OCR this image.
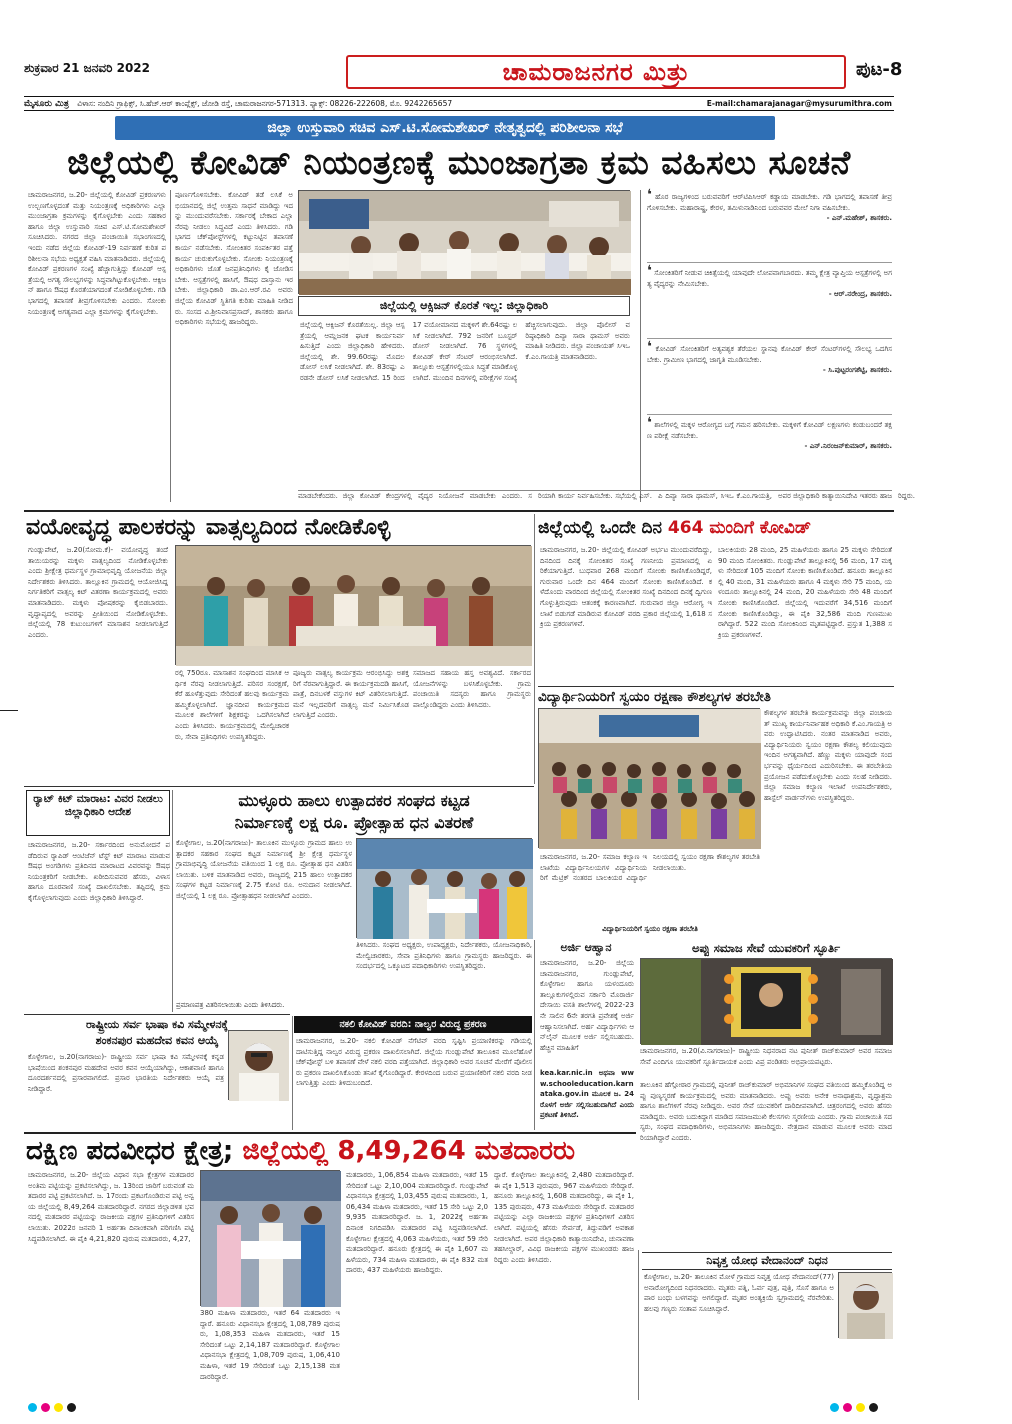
ಶುಕ್ರವಾರ 21 ಜನವರಿ 2022	ಚಾಮರಾಜನಗರ ಮಿತ್ರು	ಪುಟ-8
ಮೈಸೂರು ಮಿತ್ರ ವಿಳಾಸ: ನಂದಿನಿ ಗ್ರಾಫಿಕ್ಸ್, ಸಿ.ಹೆಚ್.ಆರ್ ಕಾಂಪ್ಲೆಕ್ಸ್, ಜೋಡಿ ರಸ್ತೆ, ಚಾಮರಾಜನಗರ-571313. ಫ್ಯಾಕ್ಸ್: 08226-222608, ಮೊ. 9242265657	E-mail:chamarajanagar@mysurumithra.com
ಜಿಲ್ಲಾ ಉಸ್ತುವಾರಿ ಸಚಿವ ಎಸ್.ಟಿ.ಸೋಮಶೇಖರ್ ನೇತೃತ್ವದಲ್ಲಿ ಪರಿಶೀಲನಾ ಸಭೆ
ಜಿಲ್ಲೆಯಲ್ಲಿ ಕೋವಿಡ್ ನಿಯಂತ್ರಣಕ್ಕೆ ಮುಂಜಾಗ್ರತಾ ಕ್ರಮ ವಹಿಸಲು ಸೂಚನೆ
ಚಾಮರಾಜನಗರ, ಜ.20- ಜಿಲ್ಲೆಯಲ್ಲಿ ಕೋವಿಡ್ ಪ್ರಕರಣಗಳು ಉಲ್ಬಣಗೊಳ್ಳದಂತೆ ಮತ್ತು ನಿಯಂತ್ರಣಕ್ಕೆ ಅಧಿಕಾರಿಗಳು ಎಲ್ಲಾ ಮುಂಜಾಗ್ರತಾ ಕ್ರಮಗಳನ್ನು ಕೈಗೊಳ್ಳಬೇಕು ಎಂದು ಸಹಕಾರ ಹಾಗೂ ಜಿಲ್ಲಾ ಉಸ್ತುವಾರಿ ಸಚಿವ ಎಸ್.ಟಿ.ಸೋಮಶೇಖರ್ ಸೂಚಿಸಿದರು. ನಗರದ ಜಿಲ್ಲಾ ಪಂಚಾಯಿತಿ ಸಭಾಂಗಣದಲ್ಲಿ ಇಂದು ನಡೆದ ಜಿಲ್ಲೆಯ ಕೋವಿಡ್-19 ನಿರ್ವಹಣೆ ಕುರಿತ ಪರಿಶೀಲನಾ ಸಭೆಯ ಅಧ್ಯಕ್ಷತೆ ವಹಿಸಿ ಮಾತನಾಡಿದರು. ಜಿಲ್ಲೆಯಲ್ಲಿ ಕೋವಿಡ್ ಪ್ರಕರಣಗಳ ಸಂಖ್ಯೆ ಹೆಚ್ಚಾಗುತ್ತಿದ್ದು ಕೋವಿಡ್ ಆಸ್ಪತ್ರೆಯಲ್ಲಿ ಅಗತ್ಯ ಸೌಲಭ್ಯಗಳನ್ನು ಸಿದ್ಧವಾಗಿಟ್ಟುಕೊಳ್ಳಬೇಕು. ಆಕ್ಸಿಜನ್ ಹಾಗೂ ಔಷಧ ಕೊರತೆಯಾಗದಂತೆ ನೋಡಿಕೊಳ್ಳಬೇಕು. ಗಡಿ ಭಾಗದಲ್ಲಿ ತಪಾಸಣೆ ತೀವ್ರಗೊಳಿಸಬೇಕು ಎಂದರು. ಸೋಂಕು ನಿಯಂತ್ರಣಕ್ಕೆ ಅಗತ್ಯವಾದ ಎಲ್ಲಾ ಕ್ರಮಗಳನ್ನು ಕೈಗೊಳ್ಳಬೇಕು.
ಪೂರ್ಣಗೊಳಿಸಬೇಕು. ಕೋವಿಡ್ ತಡೆ ಲಸಿಕೆ ಅಭಿಯಾನದಲ್ಲಿ ಜಿಲ್ಲೆ ಉತ್ತಮ ಸಾಧನೆ ಮಾಡಿದ್ದು ಇದನ್ನು ಮುಂದುವರೆಸಬೇಕು. ಸರ್ಕಾರಕ್ಕೆ ಬೇಕಾದ ಎಲ್ಲಾ ನೆರವು ನೀಡಲು ಸಿದ್ಧವಿದೆ ಎಂದು ತಿಳಿಸಿದರು. ಗಡಿ ಭಾಗದ ಚೆಕ್‌ಪೋಸ್ಟ್‌ಗಳಲ್ಲಿ ಕಟ್ಟುನಿಟ್ಟಿನ ತಪಾಸಣೆ ಕಾರ್ಯ ನಡೆಸಬೇಕು. ಸೋಂಕಿತರ ಸಂಪರ್ಕಿತರ ಪತ್ತೆ ಕಾರ್ಯ ಚುರುಕುಗೊಳ್ಳಬೇಕು. ಸೋಂಕು ನಿಯಂತ್ರಣಕ್ಕೆ ಅಧಿಕಾರಿಗಳು ಜೊತೆ ಜನಪ್ರತಿನಿಧಿಗಳು ಕೈ ಜೋಡಿಸಬೇಕು. ಆಸ್ಪತ್ರೆಗಳಲ್ಲಿ ಹಾಸಿಗೆ, ಔಷಧ ದಾಸ್ತಾನು ಇರಬೇಕು. ಜಿಲ್ಲಾಧಿಕಾರಿ ಡಾ.ಎಂ.ಆರ್.ರವಿ ಅವರು ಜಿಲ್ಲೆಯ ಕೋವಿಡ್ ಸ್ಥಿತಿಗತಿ ಕುರಿತು ಮಾಹಿತಿ ನೀಡಿದರು. ಸಂಸದ ವಿ.ಶ್ರೀನಿವಾಸಪ್ರಸಾದ್, ಶಾಸಕರು ಹಾಗೂ ಅಧಿಕಾರಿಗಳು ಸಭೆಯಲ್ಲಿ ಹಾಜರಿದ್ದರು.
ಜಿಲ್ಲೆಯಲ್ಲಿ ಆಕ್ಸಿಜನ್ ಕೊರತೆ ಇಲ್ಲ: ಜಿಲ್ಲಾಧಿಕಾರಿ
ಜಿಲ್ಲೆಯಲ್ಲಿ ಆಕ್ಸಿಜನ್ ಕೊರತೆಯಿಲ್ಲ. ಜಿಲ್ಲಾ ಆಸ್ಪತ್ರೆಯಲ್ಲಿ ಆಮ್ಲಜನಕ ಘಟಕ ಕಾರ್ಯನಿರ್ವಹಿಸುತ್ತಿದೆ ಎಂದು ಜಿಲ್ಲಾಧಿಕಾರಿ ಹೇಳಿದರು. ಜಿಲ್ಲೆಯಲ್ಲಿ ಶೇ. 99.60ರಷ್ಟು ಮೊದಲ ಡೋಸ್ ಲಸಿಕೆ ನೀಡಲಾಗಿದೆ. ಶೇ. 83ರಷ್ಟು ಎರಡನೇ ಡೋಸ್ ಲಸಿಕೆ ನೀಡಲಾಗಿದೆ. 15 ರಿಂದ 17 ವಯೋಮಾನದ ಮಕ್ಕಳಿಗೆ ಶೇ.64ರಷ್ಟು ಲಸಿಕೆ ನೀಡಲಾಗಿದೆ. 792 ಜನರಿಗೆ ಬೂಸ್ಟರ್ ಡೋಸ್ ನೀಡಲಾಗಿದೆ. 76 ಸ್ಥಳಗಳಲ್ಲಿ ಕೋವಿಡ್ ಕೇರ್ ಸೆಂಟರ್ ಆರಂಭಿಸಲಾಗಿದೆ. ತಾಲ್ಲೂಕು ಆಸ್ಪತ್ರೆಗಳಲ್ಲಿಯೂ ಸಿದ್ಧತೆ ಮಾಡಿಕೊಳ್ಳಲಾಗಿದೆ. ಮುಂದಿನ ದಿನಗಳಲ್ಲಿ ಪರೀಕ್ಷೆಗಳ ಸಂಖ್ಯೆ ಹೆಚ್ಚಿಸಲಾಗುವುದು. ಜಿಲ್ಲಾ ಪೊಲೀಸ್ ವರಿಷ್ಠಾಧಿಕಾರಿ ದಿವ್ಯಾ ಸಾರಾ ಥಾಮಸ್ ಅವರು ಮಾಹಿತಿ ನೀಡಿದರು. ಜಿಲ್ಲಾ ಪಂಚಾಯತ್ ಸಿಇಒ ಕೆ.ಎಂ.ಗಾಯತ್ರಿ ಮಾತನಾಡಿದರು.
❛ ಹೊರ ರಾಜ್ಯಗಳಿಂದ ಬರುವವರಿಗೆ ಆರ್‌ಟಿಪಿಸಿಆರ್ ಕಡ್ಡಾಯ ಮಾಡಬೇಕು. ಗಡಿ ಭಾಗದಲ್ಲಿ ತಪಾಸಣೆ ತೀವ್ರಗೊಳಿಸಬೇಕು. ಮಹಾರಾಷ್ಟ್ರ, ಕೇರಳ, ತಮಿಳುನಾಡಿನಿಂದ ಬರುವವರ ಮೇಲೆ ನಿಗಾ ವಹಿಸಬೇಕು.
- ಎನ್.ಮಹೇಶ್, ಶಾಸಕರು.
❛ ಸೋಂಕಿತರಿಗೆ ನೀಡುವ ಚಿಕಿತ್ಸೆಯಲ್ಲಿ ಯಾವುದೇ ಲೋಪವಾಗಬಾರದು. ತಮ್ಮ ಕ್ಷೇತ್ರ ವ್ಯಾಪ್ತಿಯ ಆಸ್ಪತ್ರೆಗಳಲ್ಲಿ ಅಗತ್ಯ ವೈದ್ಯರನ್ನು ನೇಮಿಸಬೇಕು.
- ಆರ್.ನರೇಂದ್ರ, ಶಾಸಕರು.
❛ ಕೋವಿಡ್ ಸೋಂಕಿತರಿಗೆ ಅತ್ಯವಶ್ಯಕ ತೆರೆಯಲ ಸ್ಥಾನವು ಕೋವಿಡ್ ಕೇರ್ ಸೆಂಟರ್‌ಗಳಲ್ಲಿ ಸೌಲಭ್ಯ ಒದಗಿಸಬೇಕು. ಗ್ರಾಮೀಣ ಭಾಗದಲ್ಲಿ ಜಾಗೃತಿ ಮೂಡಿಸಬೇಕು.
- ಸಿ.ಪುಟ್ಟರಂಗಶೆಟ್ಟಿ, ಶಾಸಕರು.
❛ ಶಾಲೆಗಳಲ್ಲಿ ಮಕ್ಕಳ ಆರೋಗ್ಯದ ಬಗ್ಗೆ ಗಮನ ಹರಿಸಬೇಕು. ಮಕ್ಕಳಿಗೆ ಕೋವಿಡ್ ಲಕ್ಷಣಗಳು ಕಂಡುಬಂದರೆ ತಕ್ಷಣ ಪರೀಕ್ಷೆ ನಡೆಸಬೇಕು.
- ಎನ್.ನಿರಂಜನ್‌ಕುಮಾರ್, ಶಾಸಕರು.
ಮಾಡಬೇಕೆಂದರು. ಜಿಲ್ಲಾ ಕೋವಿಡ್ ಕೇಂದ್ರಗಳಲ್ಲಿ ವೈದ್ಯರ ನಿಯೋಜನೆ ಮಾಡಬೇಕು ಎಂದರು. ಸರಿಯಾಗಿ ಕಾರ್ಯ ನಿರ್ವಹಿಸಬೇಕು. ಸಭೆಯಲ್ಲಿ ಎಸ್.ಪಿ ದಿವ್ಯಾ ಸಾರಾ ಥಾಮಸ್, ಸಿಇಒ ಕೆ.ಎಂ.ಗಾಯತ್ರಿ, ಅಪರ ಜಿಲ್ಲಾಧಿಕಾರಿ ಕಾತ್ಯಾಯಿನಿದೇವಿ ಇತರರು ಹಾಜರಿದ್ದರು.
ವಯೋವೃದ್ಧ ಪಾಲಕರನ್ನು ವಾತ್ಸಲ್ಯದಿಂದ ನೋಡಿಕೊಳ್ಳಿ
ಗುಂಡ್ಲುಪೇಟೆ, ಜ.20(ಸೋಮ.ಕೆ)- ವಯೋವೃದ್ಧ ತಂದೆ ತಾಯಿಯರನ್ನು ಮಕ್ಕಳು ವಾತ್ಸಲ್ಯದಿಂದ ನೋಡಿಕೊಳ್ಳಬೇಕು ಎಂದು ಶ್ರೀಕ್ಷೇತ್ರ ಧರ್ಮಸ್ಥಳ ಗ್ರಾಮಾಭಿವೃದ್ಧಿ ಯೋಜನೆಯ ಜಿಲ್ಲಾ ನಿರ್ದೇಶಕರು ತಿಳಿಸಿದರು. ತಾಲ್ಲೂಕಿನ ಗ್ರಾಮದಲ್ಲಿ ಆಯೋಜಿಸಿದ್ದ ನಿರ್ಗತಿಕರಿಗೆ ವಾತ್ಸಲ್ಯ ಕಿಟ್ ವಿತರಣಾ ಕಾರ್ಯಕ್ರಮದಲ್ಲಿ ಅವರು ಮಾತನಾಡಿದರು. ಮಕ್ಕಳು ಪೋಷಕರನ್ನು ಕೈಬಿಡಬಾರದು. ವೃದ್ಧಾಪ್ಯದಲ್ಲಿ ಅವರನ್ನು ಪ್ರೀತಿಯಿಂದ ನೋಡಿಕೊಳ್ಳಬೇಕು. ಜಿಲ್ಲೆಯಲ್ಲಿ 78 ಕುಟುಂಬಗಳಿಗೆ ಮಾಸಾಶನ ನೀಡಲಾಗುತ್ತಿದೆ ಎಂದರು.
ರಲ್ಲಿ 750ರೂ. ಮಾಸಾಶನ ಸಂಘದಿಂದ ಮಾಸಿಕ ಆರ್ಥಿಕ ನೆರವು ನೀಡಲಾಗುತ್ತಿದೆ. ಪರಿಸರ ಸಂರಕ್ಷಣೆ, ಕೆರೆ ಹೂಳೆತ್ತುವುದು ಸೇರಿದಂತೆ ಹಲವು ಕಾರ್ಯಕ್ರಮ ಹಮ್ಮಿಕೊಳ್ಳಲಾಗಿದೆ. ಜ್ಞಾನದೀಪ ಕಾರ್ಯಕ್ರಮದ ಮೂಲಕ ಶಾಲೆಗಳಿಗೆ ಶಿಕ್ಷಕರನ್ನು ಒದಗಿಸಲಾಗಿದೆ ಎಂದು ತಿಳಿಸಿದರು. ಕಾರ್ಯಕ್ರಮದಲ್ಲಿ ಮೇಲ್ವಿಚಾರಕರು, ಸೇವಾ ಪ್ರತಿನಿಧಿಗಳು ಉಪಸ್ಥಿತರಿದ್ದರು.
ಪೂಜ್ಯರು ವಾತ್ಸಲ್ಯ ಕಾರ್ಯಕ್ರಮ ಆರಂಭಿಸಿದ್ದು ಅಶಕ್ತರಿಗೆ ನೆರವಾಗುತ್ತಿದ್ದಾರೆ. ಈ ಕಾರ್ಯಕ್ರಮದಡಿ ಹಾಸಿಗೆ, ಪಾತ್ರೆ, ದಿನಬಳಕೆ ವಸ್ತುಗಳ ಕಿಟ್ ವಿತರಿಸಲಾಗುತ್ತಿದೆ. ಮನೆ ಇಲ್ಲದವರಿಗೆ ವಾತ್ಸಲ್ಯ ಮನೆ ನಿರ್ಮಿಸಿಕೊಡಲಾಗುತ್ತಿದೆ ಎಂದರು.
ಸಮಾಜದ ಸಹಾಯ ಹಸ್ತ ಅವಶ್ಯವಿದೆ. ಸರ್ಕಾರದ ಯೋಜನೆಗಳನ್ನು ಬಳಸಿಕೊಳ್ಳಬೇಕು. ಗ್ರಾಮ ಪಂಚಾಯಿತಿ ಸದಸ್ಯರು ಹಾಗೂ ಗ್ರಾಮಸ್ಥರು ಪಾಲ್ಗೊಂಡಿದ್ದರು ಎಂದು ತಿಳಿಸಿದರು.
ಜಿಲ್ಲೆಯಲ್ಲಿ ಒಂದೇ ದಿನ 464 ಮಂದಿಗೆ ಕೋವಿಡ್
ಚಾಮರಾಜನಗರ, ಜ.20- ಜಿಲ್ಲೆಯಲ್ಲಿ ಕೋವಿಡ್ ಅರ್ಭಟ ಮುಂದುವರೆದಿದ್ದು, ದಿನದಿಂದ ದಿನಕ್ಕೆ ಸೋಂಕಿತರ ಸಂಖ್ಯೆ ಗಣನೀಯ ಪ್ರಮಾಣದಲ್ಲಿ ಏರಿಕೆಯಾಗುತ್ತಿದೆ. ಬುಧವಾರ 268 ಮಂದಿಗೆ ಸೋಂಕು ಕಾಣಿಸಿಕೊಂಡಿದ್ದರೆ, ಗುರುವಾರ ಒಂದೇ ದಿನ 464 ಮಂದಿಗೆ ಸೋಂಕು ಕಾಣಿಸಿಕೊಂಡಿದೆ. ಕಳೆದೊಂದು ವಾರದಿಂದ ಜಿಲ್ಲೆಯಲ್ಲಿ ಸೋಂಕಿತರ ಸಂಖ್ಯೆ ದಿನದಿಂದ ದಿನಕ್ಕೆ ದ್ವಿಗುಣಗೊಳ್ಳುತ್ತಿರುವುದು ಆತಂಕಕ್ಕೆ ಕಾರಣವಾಗಿದೆ. ಗುರುವಾರ ಜಿಲ್ಲಾ ಆರೋಗ್ಯ ಇಲಾಖೆ ಬಿಡುಗಡೆ ಮಾಡಿರುವ ಕೋವಿಡ್ ವರದಿ ಪ್ರಕಾರ ಜಿಲ್ಲೆಯಲ್ಲಿ 1,618 ಸಕ್ರಿಯ ಪ್ರಕರಣಗಳಿವೆ.
ಬಾಲಕಿಯರು 28 ಮಂದಿ, 25 ಮಹಿಳೆಯರು ಹಾಗೂ 25 ಮಕ್ಕಳು ಸೇರಿದಂತೆ 90 ಮಂದಿ ಸೋಂಕಿತರು. ಗುಂಡ್ಲುಪೇಟೆ ತಾಲ್ಲೂಕಿನಲ್ಲಿ 56 ಮಂದಿ, 17 ಮಕ್ಕಳು ಸೇರಿದಂತೆ 105 ಮಂದಿಗೆ ಸೋಂಕು ಕಾಣಿಸಿಕೊಂಡಿದೆ. ಹನೂರು ತಾಲ್ಲೂಕಿನಲ್ಲಿ 40 ಮಂದಿ, 31 ಮಹಿಳೆಯರು ಹಾಗೂ 4 ಮಕ್ಕಳು ಸೇರಿ 75 ಮಂದಿ, ಯಳಂದೂರು ತಾಲ್ಲೂಕಿನಲ್ಲಿ 24 ಮಂದಿ, 20 ಮಹಿಳೆಯರು ಸೇರಿ 48 ಮಂದಿಗೆ ಸೋಂಕು ಕಾಣಿಸಿಕೊಂಡಿದೆ. ಜಿಲ್ಲೆಯಲ್ಲಿ ಇದುವರೆಗೆ 34,516 ಮಂದಿಗೆ ಸೋಂಕು ಕಾಣಿಸಿಕೊಂಡಿದ್ದು, ಈ ಪೈಕಿ 32,586 ಮಂದಿ ಗುಣಮುಖರಾಗಿದ್ದಾರೆ. 522 ಮಂದಿ ಸೋಂಕಿನಿಂದ ಮೃತಪಟ್ಟಿದ್ದಾರೆ. ಪ್ರಸ್ತುತ 1,388 ಸಕ್ರಿಯ ಪ್ರಕರಣಗಳಿವೆ.
ವಿದ್ಯಾರ್ಥಿನಿಯರಿಗೆ ಸ್ವಯಂ ರಕ್ಷಣಾ ಕೌಶಲ್ಯಗಳ ತರಬೇತಿ
ಕೌಶಲ್ಯಗಳ ತರಬೇತಿ ಕಾರ್ಯಕ್ರಮವನ್ನು ಜಿಲ್ಲಾ ಪಂಚಾಯತ್ ಮುಖ್ಯ ಕಾರ್ಯನಿರ್ವಾಹಕ ಅಧಿಕಾರಿ ಕೆ.ಎಂ.ಗಾಯತ್ರಿ ಅವರು ಉದ್ಘಾಟಿಸಿದರು. ನಂತರ ಮಾತನಾಡಿದ ಅವರು, ವಿದ್ಯಾರ್ಥಿನಿಯರು ಸ್ವಯಂ ರಕ್ಷಣಾ ಕೌಶಲ್ಯ ಕಲಿಯುವುದು ಇಂದಿನ ಅಗತ್ಯವಾಗಿದೆ. ಹೆಣ್ಣು ಮಕ್ಕಳು ಯಾವುದೇ ಸಂದರ್ಭವನ್ನು ಧೈರ್ಯದಿಂದ ಎದುರಿಸಬೇಕು. ಈ ತರಬೇತಿಯ ಪ್ರಯೋಜನ ಪಡೆದುಕೊಳ್ಳಬೇಕು ಎಂದು ಸಲಹೆ ನೀಡಿದರು. ಜಿಲ್ಲಾ ಸಮಾಜ ಕಲ್ಯಾಣ ಇಲಾಖೆ ಉಪನಿರ್ದೇಶಕರು, ಹಾಸ್ಟೆಲ್ ವಾರ್ಡನ್‌ಗಳು ಉಪಸ್ಥಿತರಿದ್ದರು.
ಚಾಮರಾಜನಗರ, ಜ.20- ಸಮಾಜ ಕಲ್ಯಾಣ ಇಲಾಖೆಯ ವಿದ್ಯಾರ್ಥಿನಿಲಯಗಳ ವಿದ್ಯಾರ್ಥಿನಿಯರಿಗೆ ಮೆಟ್ರಿಕ್ ನಂತರದ ಬಾಲಕಿಯರ ವಿದ್ಯಾರ್ಥಿ ನಿಲಯದಲ್ಲಿ ಸ್ವಯಂ ರಕ್ಷಣಾ ಕೌಶಲ್ಯಗಳ ತರಬೇತಿ ನೀಡಲಾಯಿತು.
ವಿದ್ಯಾರ್ಥಿನಿಯರಿಗೆ ಸ್ವಯಂ ರಕ್ಷಣಾ ತರಬೇತಿ
ರ್‍ಯಾಟ್ ಕಿಟ್ ಮಾರಾಟ: ವಿವರ ನೀಡಲು ಜಿಲ್ಲಾಧಿಕಾರಿ ಆದೇಶ
ಚಾಮರಾಜನಗರ, ಜ.20- ಸರ್ಕಾರದಿಂದ ಅನುಮೋದನೆ ಪಡೆದಿರುವ ರ್‍ಯಾಪಿಡ್ ಆಂಟಿಜೆನ್ ಟೆಸ್ಟ್ ಕಿಟ್ ಮಾರಾಟ ಮಾಡುವ ಔಷಧ ಅಂಗಡಿಗಳು ಪ್ರತಿದಿನದ ಮಾರಾಟದ ವಿವರವನ್ನು ಔಷಧ ನಿಯಂತ್ರಕರಿಗೆ ನೀಡಬೇಕು. ಖರೀದಿಸುವವರ ಹೆಸರು, ವಿಳಾಸ ಹಾಗೂ ದೂರವಾಣಿ ಸಂಖ್ಯೆ ದಾಖಲಿಸಬೇಕು. ತಪ್ಪಿದಲ್ಲಿ ಕ್ರಮ ಕೈಗೊಳ್ಳಲಾಗುವುದು ಎಂದು ಜಿಲ್ಲಾಧಿಕಾರಿ ತಿಳಿಸಿದ್ದಾರೆ.
ಮುಳ್ಳೂರು ಹಾಲು ಉತ್ಪಾದಕರ ಸಂಘದ ಕಟ್ಟಡ
ನಿರ್ಮಾಣಕ್ಕೆ ಲಕ್ಷ ರೂ. ಪ್ರೋತ್ಸಾಹ ಧನ ವಿತರಣೆ
ಕೊಳ್ಳೇಗಾಲ, ಜ.20(ನಾಗರಾಜು)- ತಾಲೂಕಿನ ಮುಳ್ಳೂರು ಗ್ರಾಮದ ಹಾಲು ಉತ್ಪಾದಕರ ಸಹಕಾರ ಸಂಘದ ಕಟ್ಟಡ ನಿರ್ಮಾಣಕ್ಕೆ ಶ್ರೀ ಕ್ಷೇತ್ರ ಧರ್ಮಸ್ಥಳ ಗ್ರಾಮಾಭಿವೃದ್ಧಿ ಯೋಜನೆಯ ವತಿಯಿಂದ 1 ಲಕ್ಷ ರೂ. ಪ್ರೋತ್ಸಾಹ ಧನ ವಿತರಿಸಲಾಯಿತು. ಬಳಿಕ ಮಾತನಾಡಿದ ಅವರು, ರಾಜ್ಯದಲ್ಲಿ 215 ಹಾಲು ಉತ್ಪಾದಕರ ಸಂಘಗಳ ಕಟ್ಟಡ ನಿರ್ಮಾಣಕ್ಕೆ 2.75 ಕೋಟಿ ರೂ. ಅನುದಾನ ನೀಡಲಾಗಿದೆ. ಜಿಲ್ಲೆಯಲ್ಲಿ 1 ಲಕ್ಷ ರೂ. ಪ್ರೋತ್ಸಾಹಧನ ನೀಡಲಾಗಿದೆ ಎಂದರು.
ತಿಳಿಸಿದರು. ಸಂಘದ ಅಧ್ಯಕ್ಷರು, ಉಪಾಧ್ಯಕ್ಷರು, ನಿರ್ದೇಶಕರು, ಯೋಜನಾಧಿಕಾರಿ, ಮೇಲ್ವಿಚಾರಕರು, ಸೇವಾ ಪ್ರತಿನಿಧಿಗಳು ಹಾಗೂ ಗ್ರಾಮಸ್ಥರು ಹಾಜರಿದ್ದರು. ಈ ಸಂದರ್ಭದಲ್ಲಿ ಒಕ್ಕೂಟದ ಪದಾಧಿಕಾರಿಗಳು ಉಪಸ್ಥಿತರಿದ್ದರು.
ಪ್ರಮಾಣಪತ್ರ ವಿತರಿಸಲಾಯಿತು ಎಂದು ತಿಳಿಸಿದರು.
ರಾಷ್ಟ್ರೀಯ ಸರ್ವ ಭಾಷಾ ಕವಿ ಸಮ್ಮೇಳನಕ್ಕೆ
ಶಂಕನಪುರ ಮಹದೇವ ಕವನ ಆಯ್ಕೆ
ಕೊಳ್ಳೇಗಾಲ, ಜ.20(ನಾಗರಾಜು)- ರಾಷ್ಟ್ರೀಯ ಸರ್ವ ಭಾಷಾ ಕವಿ ಸಮ್ಮೇಳನಕ್ಕೆ ಕನ್ನಡ ಭಾಷೆಯಿಂದ ಶಂಕನಪುರ ಮಹದೇವ ಅವರ ಕವನ ಆಯ್ಕೆಯಾಗಿದ್ದು, ಆಕಾಶವಾಣಿ ಹಾಗೂ ದೂರದರ್ಶನದಲ್ಲಿ ಪ್ರಸಾರವಾಗಲಿದೆ. ಪ್ರಸಾರ ಭಾರತಿಯ ನಿರ್ದೇಶಕರು ಆಯ್ಕೆ ಪತ್ರ ನೀಡಿದ್ದಾರೆ.
ನಕಲಿ ಕೋವಿಡ್ ವರದಿ: ನಾಲ್ವರ ವಿರುದ್ಧ ಪ್ರಕರಣ
ಚಾಮರಾಜನಗರ, ಜ.20- ನಕಲಿ ಕೋವಿಡ್ ನೆಗೆಟಿವ್ ವರದಿ ಸೃಷ್ಟಿಸಿ ಪ್ರಯಾಣಿಕರನ್ನು ಗಡಿಯಲ್ಲಿ ದಾಟಿಸುತ್ತಿದ್ದ ನಾಲ್ವರ ವಿರುದ್ಧ ಪ್ರಕರಣ ದಾಖಲಿಸಲಾಗಿದೆ. ಜಿಲ್ಲೆಯ ಗುಂಡ್ಲುಪೇಟೆ ತಾಲೂಕಿನ ಮೂಲೆಹೊಳೆ ಚೆಕ್‌ಪೋಸ್ಟ್ ಬಳಿ ತಪಾಸಣೆ ವೇಳೆ ನಕಲಿ ವರದಿ ಪತ್ತೆಯಾಗಿದೆ. ಜಿಲ್ಲಾಧಿಕಾರಿ ಅವರ ಸೂಚನೆ ಮೇರೆಗೆ ಪೊಲೀಸರು ಪ್ರಕರಣ ದಾಖಲಿಸಿಕೊಂಡು ತನಿಖೆ ಕೈಗೊಂಡಿದ್ದಾರೆ. ಕೇರಳದಿಂದ ಬರುವ ಪ್ರಯಾಣಿಕರಿಗೆ ನಕಲಿ ವರದಿ ನೀಡಲಾಗುತ್ತಿತ್ತು ಎಂದು ತಿಳಿದುಬಂದಿದೆ.
ಅರ್ಜಿ ಆಹ್ವಾನ
ಚಾಮರಾಜನಗರ, ಜ.20- ಜಿಲ್ಲೆಯ ಚಾಮರಾಜನಗರ, ಗುಂಡ್ಲುಪೇಟೆ, ಕೊಳ್ಳೇಗಾಲ ಹಾಗೂ ಯಳಂದೂರು ತಾಲ್ಲೂಕುಗಳಲ್ಲಿರುವ ಸರ್ಕಾರಿ ಮೊರಾರ್ಜಿ ದೇಸಾಯಿ ವಸತಿ ಶಾಲೆಗಳಲ್ಲಿ 2022-23ನೇ ಸಾಲಿನ 6ನೇ ತರಗತಿ ಪ್ರವೇಶಕ್ಕೆ ಅರ್ಜಿ ಆಹ್ವಾನಿಸಲಾಗಿದೆ. ಅರ್ಹ ವಿದ್ಯಾರ್ಥಿಗಳು ಆನ್‌ಲೈನ್ ಮೂಲಕ ಅರ್ಜಿ ಸಲ್ಲಿಸಬಹುದು. ಹೆಚ್ಚಿನ ಮಾಹಿತಿಗೆ
kea.kar.nic.in ಅಥವಾ www.schooleducation.karnataka.gov.in ಮೂಲಕ ಜ. 24ರೊಳಗೆ ಅರ್ಜಿ ಸಲ್ಲಿಸಬಹುದಾಗಿದೆ ಎಂದು ಪ್ರಕಟಣೆ ತಿಳಿಸಿದೆ.
ಅಪ್ಪು ಸಮಾಜ ಸೇವೆ ಯುವಕರಿಗೆ ಸ್ಫೂರ್ತಿ
ಚಾಮರಾಜನಗರ, ಜ.20(ವಿ.ನಾಗರಾಜು)- ರಾಷ್ಟ್ರೀಯ ನಿಧನರಾದ ನಟ ಪುನೀತ್ ರಾಜ್‌ಕುಮಾರ್ ಅವರ ಸಮಾಜ ಸೇವೆ ಎಂದಿಗೂ ಯುವಕರಿಗೆ ಸ್ಫೂರ್ತಿದಾಯಕ ಎಂದು ವಿಪ್ರ ಪಂಡಿತರು ಅಭಿಪ್ರಾಯಪಟ್ಟರು.
ತಾಲೂಕಿನ ಹೆಗ್ಗೋಠಾರ ಗ್ರಾಮದಲ್ಲಿ ಪುನೀತ್ ರಾಜ್‌ಕುಮಾರ್ ಅಭಿಮಾನಿಗಳ ಸಂಘದ ವತಿಯಿಂದ ಹಮ್ಮಿಕೊಂಡಿದ್ದ ಅಪ್ಪು ಪುಣ್ಯಸ್ಮರಣೆ ಕಾರ್ಯಕ್ರಮದಲ್ಲಿ ಅವರು ಮಾತನಾಡಿದರು. ಅಪ್ಪು ಅವರು ಅನೇಕ ಅನಾಥಾಶ್ರಮ, ವೃದ್ಧಾಶ್ರಮ ಹಾಗೂ ಶಾಲೆಗಳಿಗೆ ನೆರವು ನೀಡಿದ್ದರು. ಅವರ ಸೇವೆ ಯುವಕರಿಗೆ ದಾರಿದೀಪವಾಗಿದೆ. ಚಿತ್ರರಂಗದಲ್ಲಿ ಅವರು ಹೆಸರು ಮಾಡಿದ್ದರು. ಅವರು ಬದುಕಿದ್ದಾಗ ಮಾಡಿದ ಸಮಾಜಮುಖಿ ಕೆಲಸಗಳು ಸ್ಮರಣೀಯ ಎಂದರು. ಗ್ರಾಮ ಪಂಚಾಯಿತಿ ಸದಸ್ಯರು, ಸಂಘದ ಪದಾಧಿಕಾರಿಗಳು, ಅಭಿಮಾನಿಗಳು ಹಾಜರಿದ್ದರು. ನೇತ್ರದಾನ ಮಾಡುವ ಮೂಲಕ ಅವರು ಮಾದರಿಯಾಗಿದ್ದಾರೆ ಎಂದರು.
ದಕ್ಷಿಣ ಪದವೀಧರ ಕ್ಷೇತ್ರ; ಜಿಲ್ಲೆಯಲ್ಲಿ 8,49,264 ಮತದಾರರು
ಚಾಮರಾಜನಗರ, ಜ.20- ಜಿಲ್ಲೆಯ ವಿಧಾನ ಸಭಾ ಕ್ಷೇತ್ರಗಳ ಮತದಾರರ ಅಂತಿಮ ಪಟ್ಟಿಯನ್ನು ಪ್ರಕಟಿಸಲಾಗಿದ್ದು, ಜ. 13ರಿಂದ ಜಾರಿಗೆ ಬರುವಂತೆ ಮತದಾರರ ಪಟ್ಟಿ ಪ್ರಕಟಿಸಲಾಗಿದೆ. ಜ. 17ರಂದು ಪ್ರಕಟಗೊಂಡಿರುವ ಪಟ್ಟಿ ಅನ್ವಯ ಜಿಲ್ಲೆಯಲ್ಲಿ 8,49,264 ಮತದಾರರಿದ್ದಾರೆ. ನಗರದ ಜಿಲ್ಲಾಡಳಿತ ಭವನದಲ್ಲಿ ಮತದಾರರ ಪಟ್ಟಿಯನ್ನು ರಾಜಕೀಯ ಪಕ್ಷಗಳ ಪ್ರತಿನಿಧಿಗಳಿಗೆ ವಿತರಿಸಲಾಯಿತು. 2022ರ ಜನವರಿ 1 ಅರ್ಹತಾ ದಿನಾಂಕವಾಗಿ ಪರಿಗಣಿಸಿ ಪಟ್ಟಿ ಸಿದ್ಧಪಡಿಸಲಾಗಿದೆ. ಈ ಪೈಕಿ 4,21,820 ಪುರುಷ ಮತದಾರರು, 4,27,
380 ಮಹಿಳಾ ಮತದಾರರು, ಇತರೆ 64 ಮತದಾರರು ಇದ್ದಾರೆ. ಹನೂರು ವಿಧಾನಸಭಾ ಕ್ಷೇತ್ರದಲ್ಲಿ 1,08,789 ಪುರುಷರು, 1,08,353 ಮಹಿಳಾ ಮತದಾರರು, ಇತರೆ 15 ಸೇರಿದಂತೆ ಒಟ್ಟು 2,14,187 ಮತದಾರರಿದ್ದಾರೆ. ಕೊಳ್ಳೇಗಾಲ ವಿಧಾನಸಭಾ ಕ್ಷೇತ್ರದಲ್ಲಿ 1,08,709 ಪುರುಷ, 1,06,410 ಮಹಿಳಾ, ಇತರೆ 19 ಸೇರಿದಂತೆ ಒಟ್ಟು 2,15,138 ಮತದಾರರಿದ್ದಾರೆ.
ಮತದಾರರು, 1,06,854 ಮಹಿಳಾ ಮತದಾರರು, ಇತರೆ 15 ಸೇರಿದಂತೆ ಒಟ್ಟು 2,10,004 ಮತದಾರರಿದ್ದಾರೆ. ಗುಂಡ್ಲುಪೇಟೆ ವಿಧಾನಸಭಾ ಕ್ಷೇತ್ರದಲ್ಲಿ 1,03,455 ಪುರುಷ ಮತದಾರರು, 1,06,434 ಮಹಿಳಾ ಮತದಾರರು, ಇತರೆ 15 ಸೇರಿ ಒಟ್ಟು 2,09,935 ಮತದಾರರಿದ್ದಾರೆ. ಜ. 1, 2022ಕ್ಕೆ ಅರ್ಹತಾ ದಿನಾಂಕ ನಿಗದಿಪಡಿಸಿ ಮತದಾರರ ಪಟ್ಟಿ ಸಿದ್ಧಪಡಿಸಲಾಗಿದೆ. ಕೊಳ್ಳೇಗಾಲ ಕ್ಷೇತ್ರದಲ್ಲಿ 4,063 ಮಹಿಳೆಯರು, ಇತರೆ 59 ಸೇರಿ ಮತದಾರರಿದ್ದಾರೆ. ಹನೂರು ಕ್ಷೇತ್ರದಲ್ಲಿ ಈ ಪೈಕಿ 1,607 ಮಹಿಳೆಯರು, 734 ಮಹಿಳಾ ಮತದಾರರು, ಈ ಪೈಕಿ 832 ಮತದಾರರು, 437 ಮಹಿಳೆಯರು ಹಾಜರಿದ್ದರು.
ದ್ದಾರೆ. ಕೊಳ್ಳೇಗಾಲ ತಾಲ್ಲೂಕಿನಲ್ಲಿ 2,480 ಮತದಾರರಿದ್ದಾರೆ. ಈ ಪೈಕಿ 1,513 ಪುರುಷರು, 967 ಮಹಿಳೆಯರು ಸೇರಿದ್ದಾರೆ. ಹನೂರು ತಾಲ್ಲೂಕಿನಲ್ಲಿ 1,608 ಮತದಾರರಿದ್ದು, ಈ ಪೈಕಿ 1,135 ಪುರುಷರು, 473 ಮಹಿಳೆಯರು ಸೇರಿದ್ದಾರೆ. ಮತದಾರರ ಪಟ್ಟಿಯನ್ನು ಎಲ್ಲಾ ರಾಜಕೀಯ ಪಕ್ಷಗಳ ಪ್ರತಿನಿಧಿಗಳಿಗೆ ವಿತರಿಸಲಾಗಿದೆ. ಪಟ್ಟಿಯಲ್ಲಿ ಹೆಸರು ಸೇರ್ಪಡೆ, ತಿದ್ದುಪಡಿಗೆ ಅವಕಾಶ ನೀಡಲಾಗಿದೆ. ಅಪರ ಜಿಲ್ಲಾಧಿಕಾರಿ ಕಾತ್ಯಾಯಿನಿದೇವಿ, ಚುನಾವಣಾ ತಹಸೀಲ್ದಾರ್, ವಿವಿಧ ರಾಜಕೀಯ ಪಕ್ಷಗಳ ಮುಖಂಡರು ಹಾಜರಿದ್ದರು ಎಂದು ತಿಳಿಸಿದರು.	ನಿವೃತ್ತ ಯೋಧ ವೇದಾನಂದ್ ನಿಧನ
ಕೊಳ್ಳೇಗಾಲ, ಜ.20- ತಾಲೂಕಿನ ಮೋಳೆ ಗ್ರಾಮದ ನಿವೃತ್ತ ಯೋಧ ವೇದಾನಂದ್(77) ಅನಾರೋಗ್ಯದಿಂದ ನಿಧನರಾದರು. ಮೃತರು ಪತ್ನಿ, ಓರ್ವ ಪುತ್ರ, ಪುತ್ರಿ, ಸೊಸೆ ಹಾಗೂ ಅಪಾರ ಬಂಧು ಬಳಗವನ್ನು ಅಗಲಿದ್ದಾರೆ. ಮೃತರ ಅಂತ್ಯಕ್ರಿಯೆ ಸ್ವಗ್ರಾಮದಲ್ಲಿ ನೆರವೇರಿತು. ಹಲವು ಗಣ್ಯರು ಸಂತಾಪ ಸೂಚಿಸಿದ್ದಾರೆ.
